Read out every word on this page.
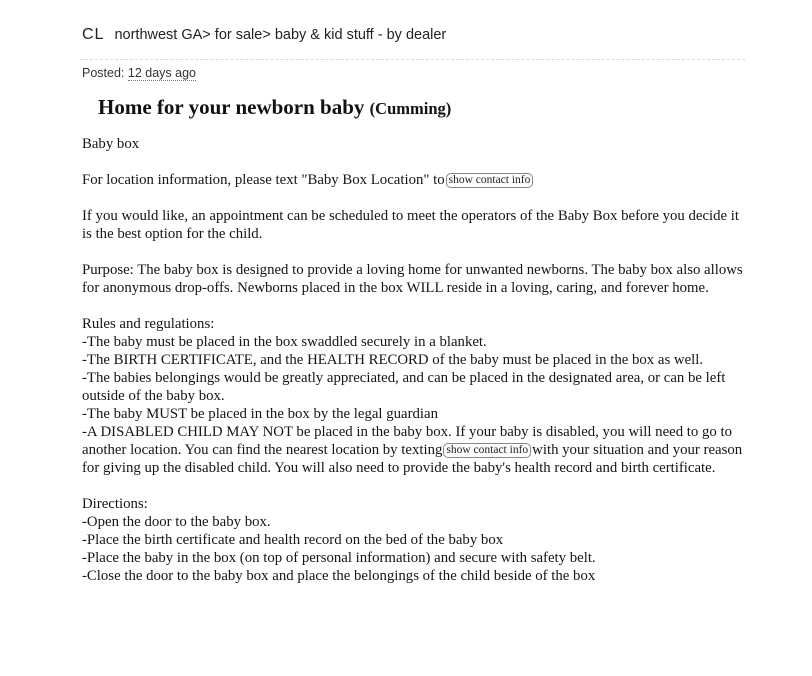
CL northwest GA> for sale> baby & kid stuff - by dealer
Posted: 12 days ago
Home for your newborn baby (Cumming)

Baby box

For location information, please text "Baby Box Location" to show contact info

If you would like, an appointment can be scheduled to meet the operators of the Baby Box before you decide it is the best option for the child.

Purpose: The baby box is designed to provide a loving home for unwanted newborns. The baby box also allows for anonymous drop-offs. Newborns placed in the box WILL reside in a loving, caring, and forever home.

Rules and regulations:
-The baby must be placed in the box swaddled securely in a blanket.
-The BIRTH CERTIFICATE, and the HEALTH RECORD of the baby must be placed in the box as well.
-The babies belongings would be greatly appreciated, and can be placed in the designated area, or can be left outside of the baby box.
-The baby MUST be placed in the box by the legal guardian
-A DISABLED CHILD MAY NOT be placed in the baby box. If your baby is disabled, you will need to go to another location. You can find the nearest location by texting show contact info with your situation and your reason for giving up the disabled child. You will also need to provide the baby's health record and birth certificate.

Directions:
-Open the door to the baby box.
-Place the birth certificate and health record on the bed of the baby box
-Place the baby in the box (on top of personal information) and secure with safety belt.
-Close the door to the baby box and place the belongings of the child beside of the box
